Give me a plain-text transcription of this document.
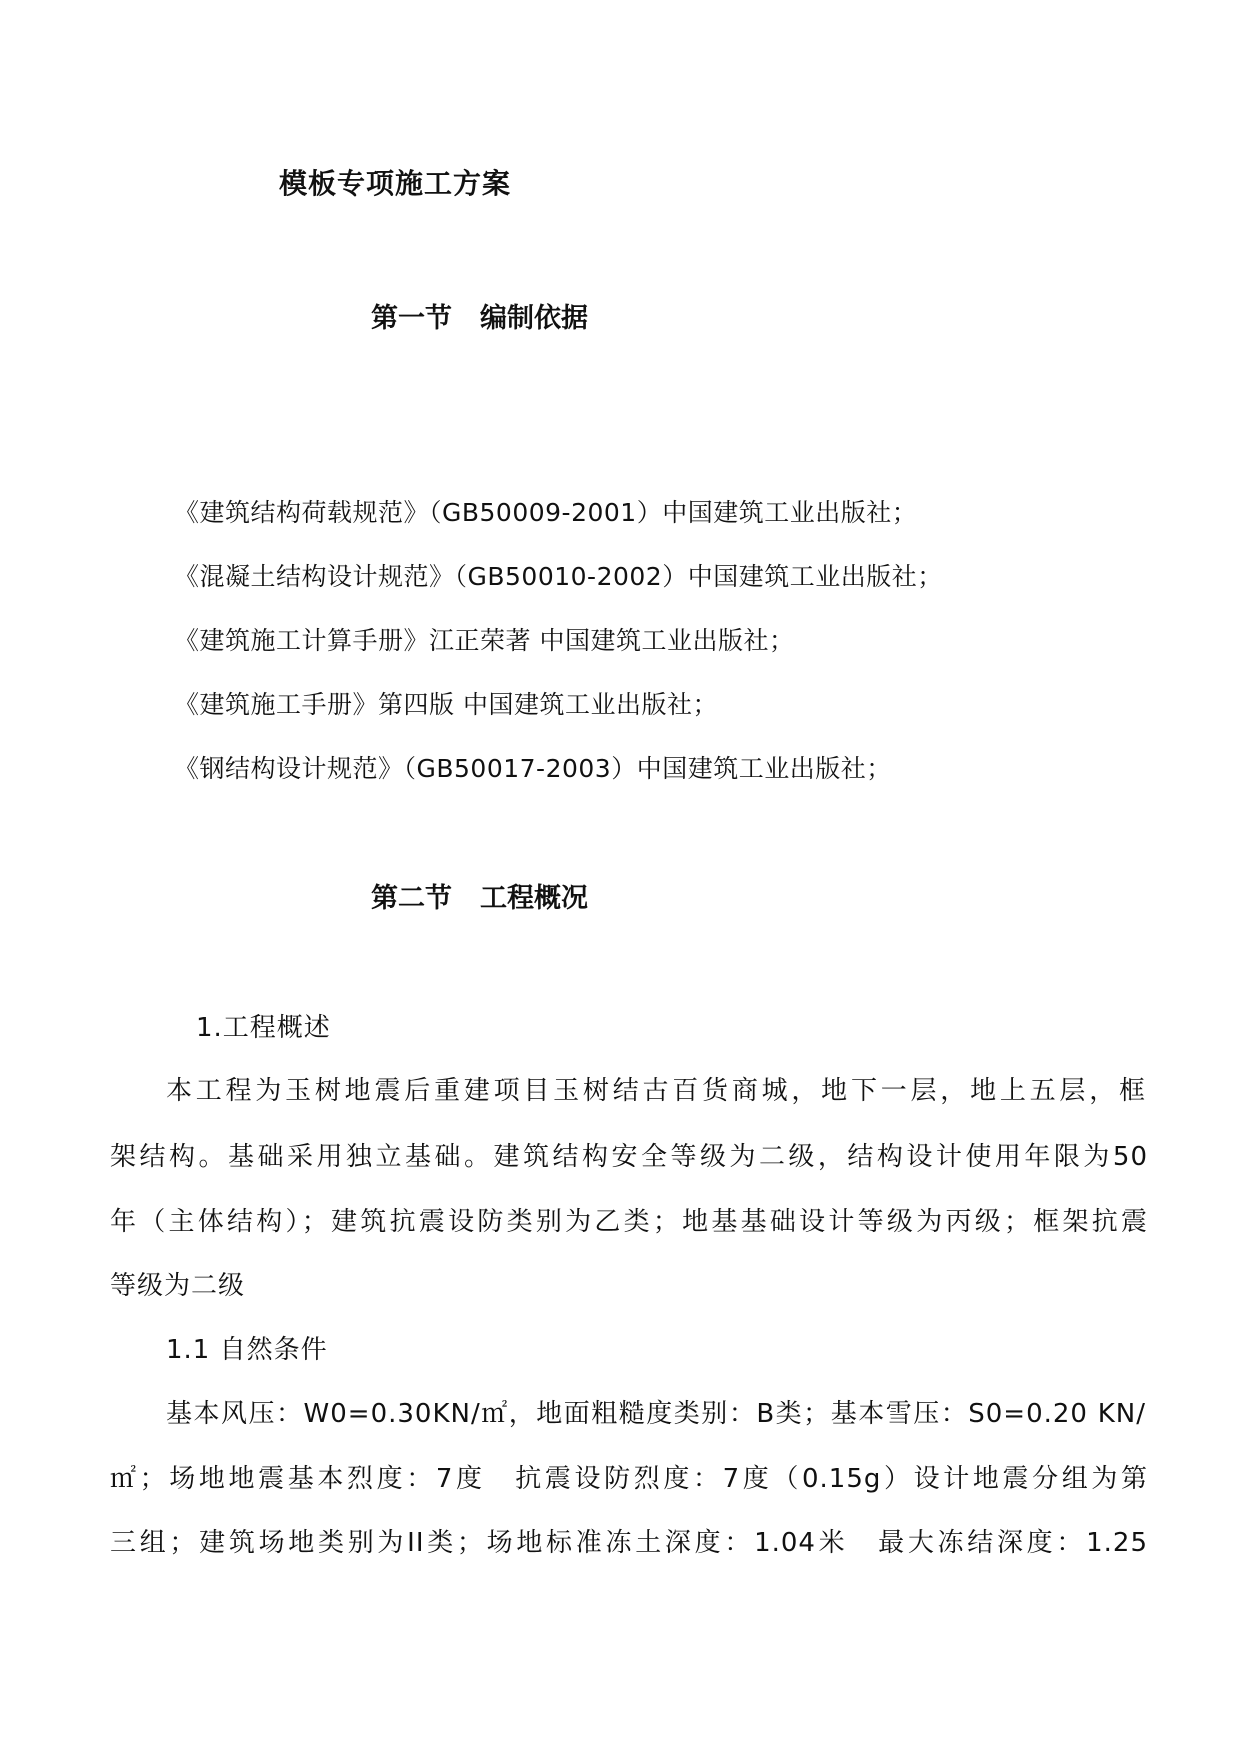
模板专项施工方案
第一节 编制依据
《建筑结构荷载规范》（GB50009-2001）中国建筑工业出版社；
《混凝土结构设计规范》（GB50010-2002）中国建筑工业出版社；
《建筑施工计算手册》江正荣著 中国建筑工业出版社；
《建筑施工手册》第四版 中国建筑工业出版社；
《钢结构设计规范》（GB50017-2003）中国建筑工业出版社；
第二节 工程概况
1.工程概述
本工程为玉树地震后重建项目玉树结古百货商城，地下一层，地上五层，框
架结构。基础采用独立基础。建筑结构安全等级为二级，结构设计使用年限为50
年（主体结构）；建筑抗震设防类别为乙类；地基基础设计等级为丙级；框架抗震
等级为二级
1.1 自然条件
基本风压：W0=0.30KN/㎡，地面粗糙度类别：B类；基本雪压：S0=0.20 KN/
㎡；场地地震基本烈度：7度　抗震设防烈度：7度（0.15g）设计地震分组为第
三组；建筑场地类别为II类；场地标准冻土深度：1.04米　最大冻结深度：1.25
